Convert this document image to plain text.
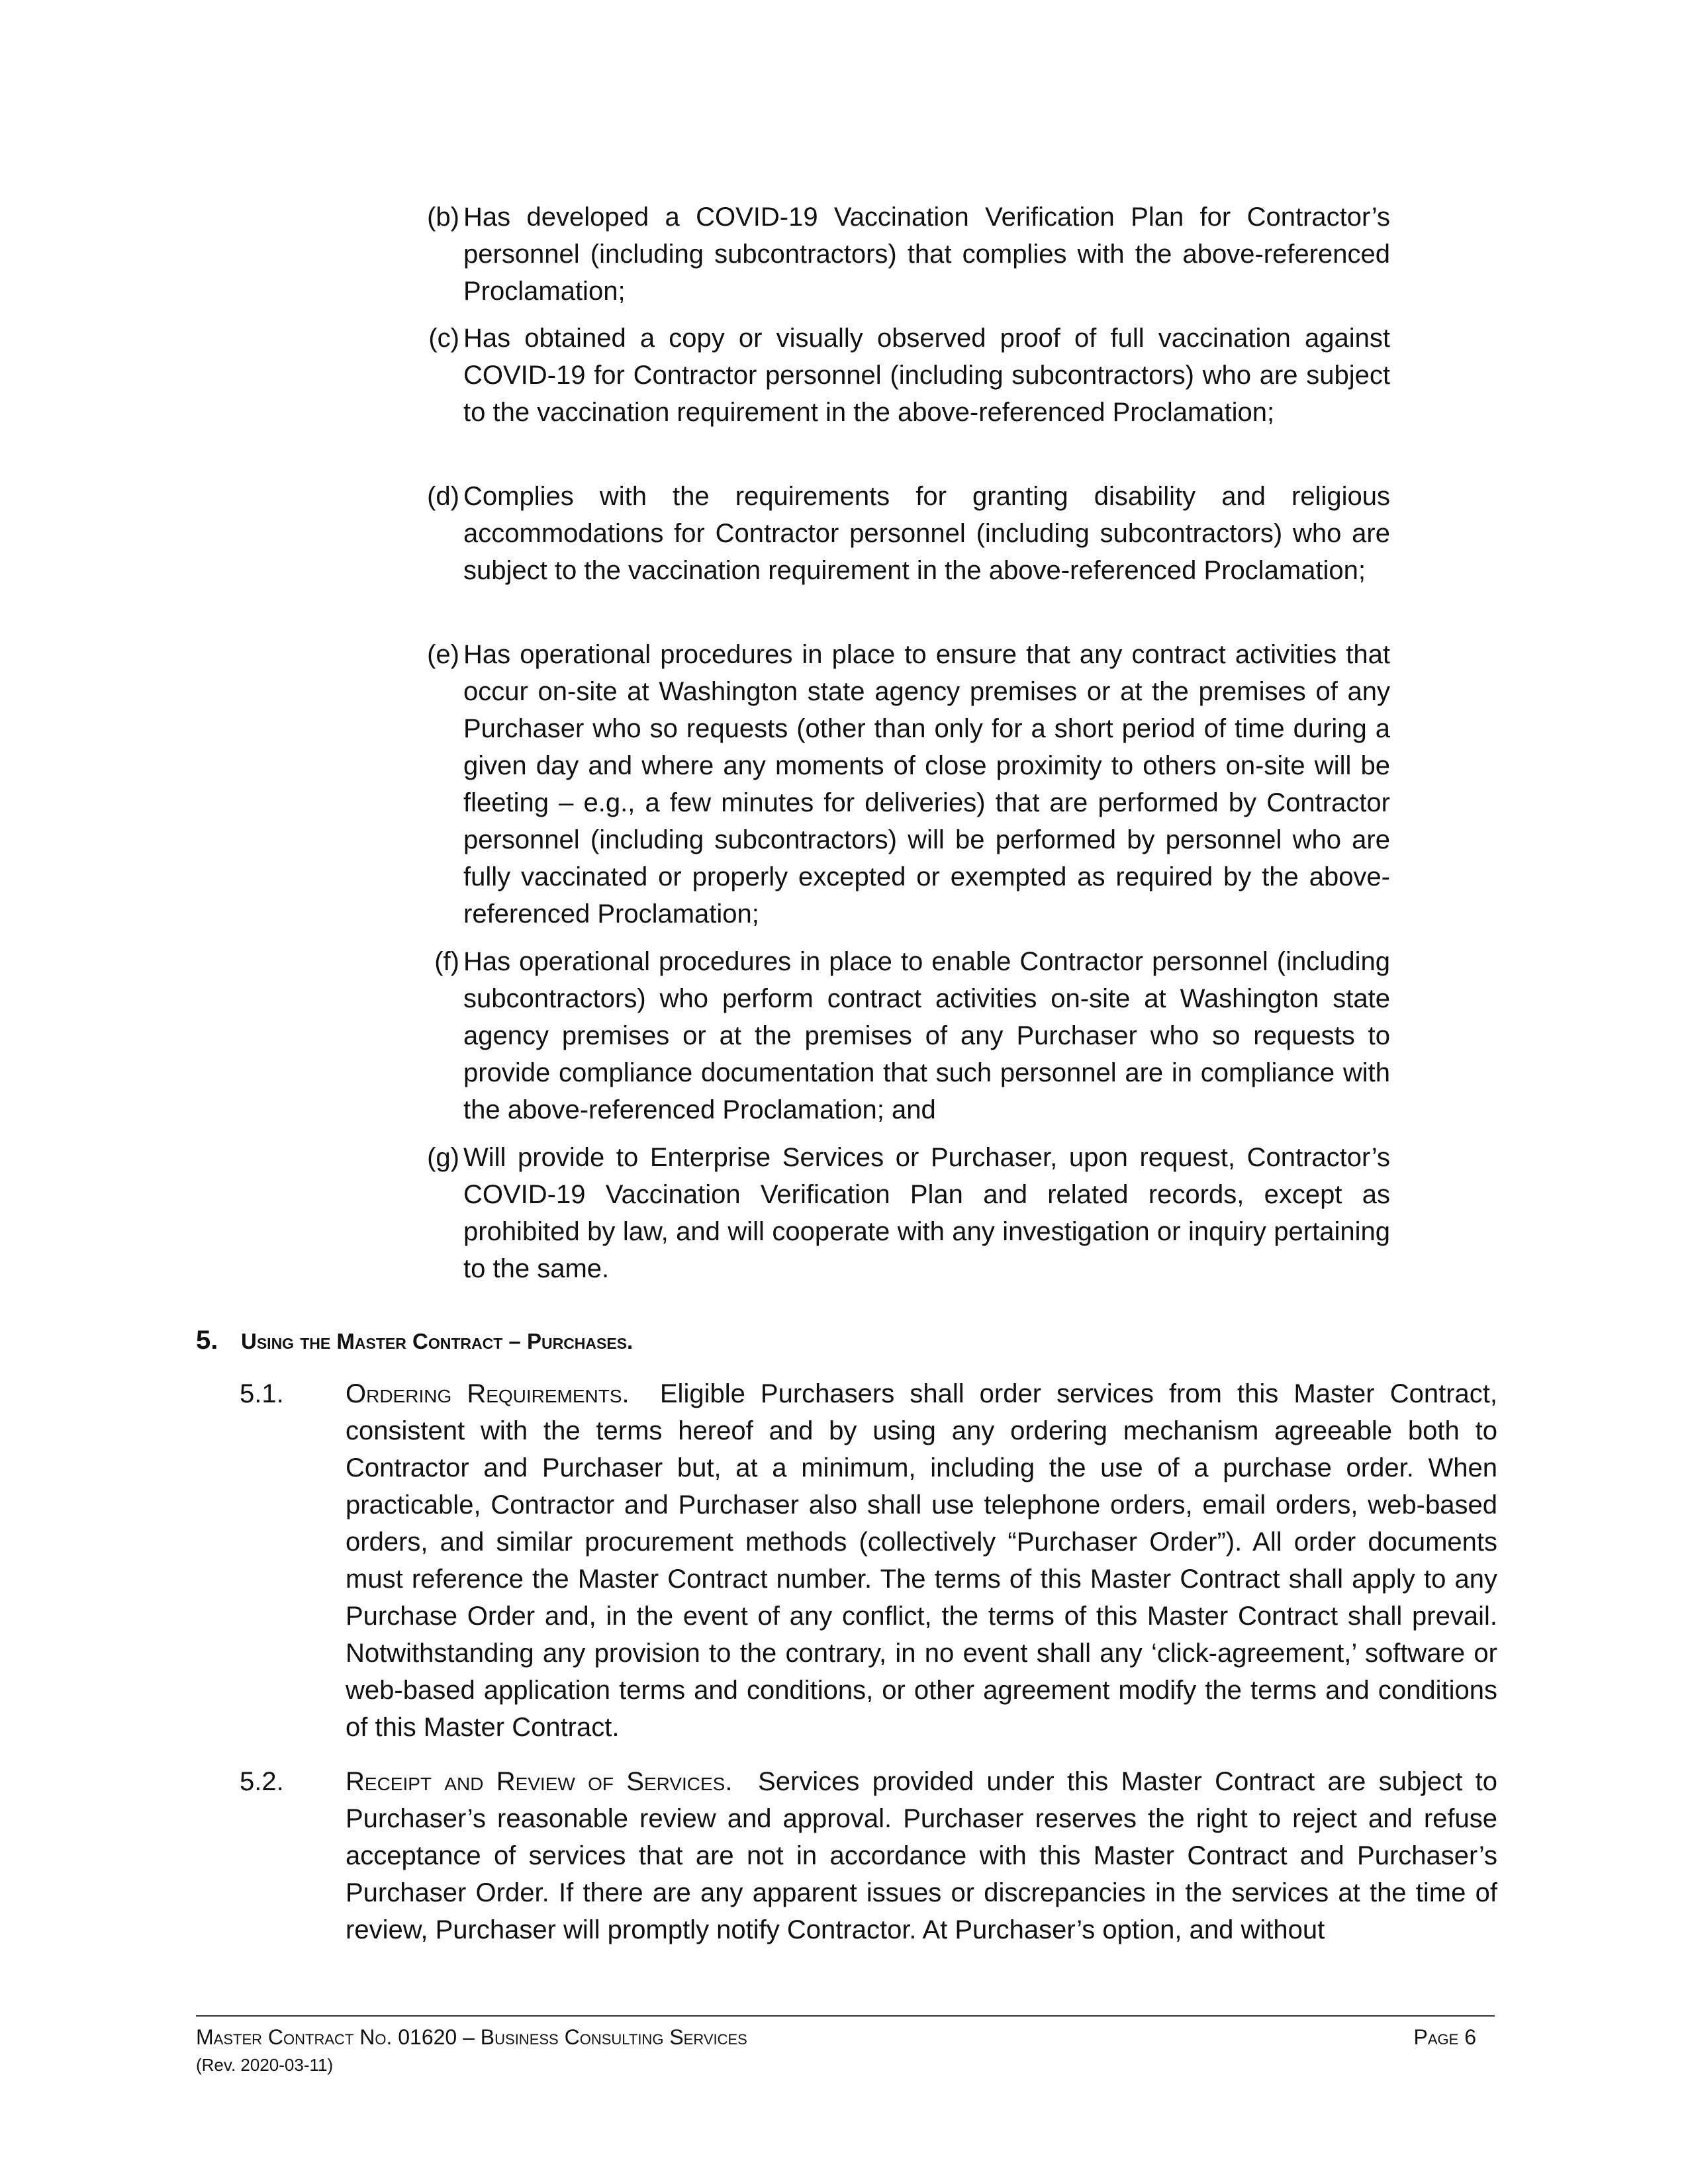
(b) Has developed a COVID-19 Vaccination Verification Plan for Contractor’s personnel (including subcontractors) that complies with the above-referenced Proclamation;
(c) Has obtained a copy or visually observed proof of full vaccination against COVID-19 for Contractor personnel (including subcontractors) who are subject to the vaccination requirement in the above-referenced Proclamation;
(d) Complies with the requirements for granting disability and religious accommodations for Contractor personnel (including subcontractors) who are subject to the vaccination requirement in the above-referenced Proclamation;
(e) Has operational procedures in place to ensure that any contract activities that occur on-site at Washington state agency premises or at the premises of any Purchaser who so requests (other than only for a short period of time during a given day and where any moments of close proximity to others on-site will be fleeting – e.g., a few minutes for deliveries) that are performed by Contractor personnel (including subcontractors) will be performed by personnel who are fully vaccinated or properly excepted or exempted as required by the above-referenced Proclamation;
(f) Has operational procedures in place to enable Contractor personnel (including subcontractors) who perform contract activities on-site at Washington state agency premises or at the premises of any Purchaser who so requests to provide compliance documentation that such personnel are in compliance with the above-referenced Proclamation; and
(g) Will provide to Enterprise Services or Purchaser, upon request, Contractor’s COVID-19 Vaccination Verification Plan and related records, except as prohibited by law, and will cooperate with any investigation or inquiry pertaining to the same.
5. Using the Master Contract – Purchases.
5.1.	Ordering Requirements. Eligible Purchasers shall order services from this Master Contract, consistent with the terms hereof and by using any ordering mechanism agreeable both to Contractor and Purchaser but, at a minimum, including the use of a purchase order. When practicable, Contractor and Purchaser also shall use telephone orders, email orders, web-based orders, and similar procurement methods (collectively “Purchaser Order”). All order documents must reference the Master Contract number. The terms of this Master Contract shall apply to any Purchase Order and, in the event of any conflict, the terms of this Master Contract shall prevail. Notwithstanding any provision to the contrary, in no event shall any ‘click-agreement,’ software or web-based application terms and conditions, or other agreement modify the terms and conditions of this Master Contract.
5.2.	Receipt and Review of Services. Services provided under this Master Contract are subject to Purchaser’s reasonable review and approval. Purchaser reserves the right to reject and refuse acceptance of services that are not in accordance with this Master Contract and Purchaser’s Purchaser Order. If there are any apparent issues or discrepancies in the services at the time of review, Purchaser will promptly notify Contractor. At Purchaser’s option, and without
Master Contract No. 01620 – Business Consulting Services	Page 6
(Rev. 2020-03-11)
